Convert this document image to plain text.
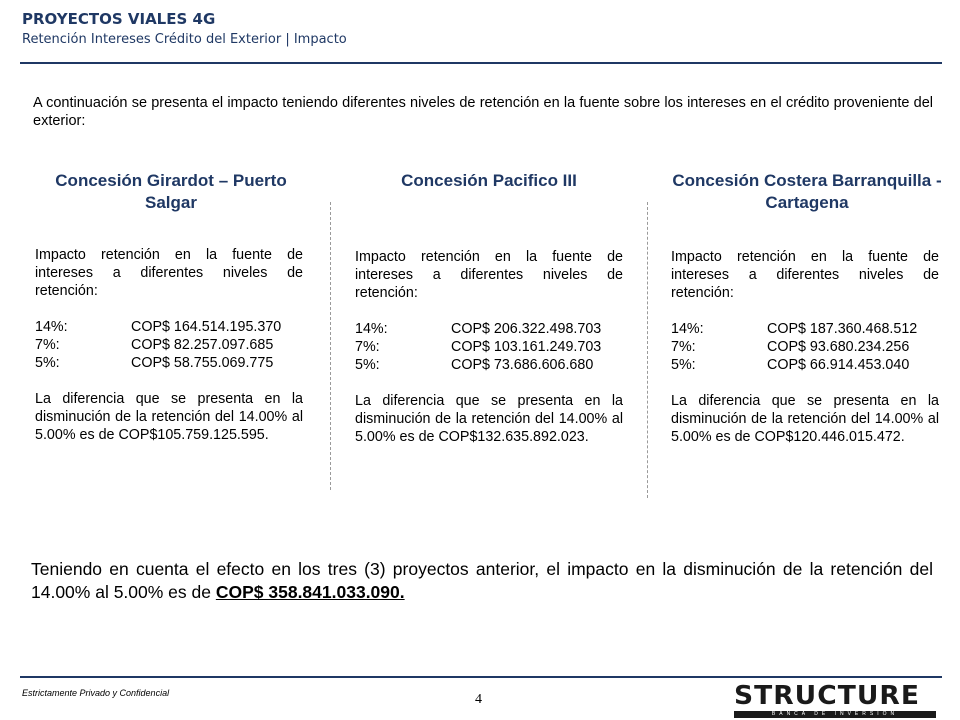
PROYECTOS VIALES 4G
Retención Intereses Crédito del Exterior | Impacto
A continuación se presenta el impacto teniendo diferentes niveles de retención en la fuente sobre los intereses en el crédito proveniente del exterior:
Concesión Girardot – Puerto Salgar
Concesión Pacifico III	Concesión Costera Barranquilla - Cartagena
Impacto retención en la fuente de intereses a diferentes niveles de retención:
14%:	COP$ 164.514.195.370
7%:	COP$ 82.257.097.685
5%:	COP$ 58.755.069.775
La diferencia que se presenta en la disminución de la retención del 14.00% al 5.00% es de COP$105.759.125.595.
Impacto retención en la fuente de intereses a diferentes niveles de retención:
14%:	COP$ 206.322.498.703
7%:	COP$ 103.161.249.703
5%:	COP$ 73.686.606.680
La diferencia que se presenta en la disminución de la retención del 14.00% al 5.00% es de COP$132.635.892.023.
Impacto retención en la fuente de intereses a diferentes niveles de retención:
14%:	COP$ 187.360.468.512
7%:	COP$ 93.680.234.256
5%:	COP$ 66.914.453.040
La diferencia que se presenta en la disminución de la retención del 14.00% al 5.00% es de COP$120.446.015.472.
Teniendo en cuenta el efecto en los tres (3) proyectos anterior, el impacto en la disminución de la retención del 14.00% al 5.00% es de COP$ 358.841.033.090.
Estrictamente Privado y Confidencial	4	STRUCTURE
BANCA DE INVERSIÓN
